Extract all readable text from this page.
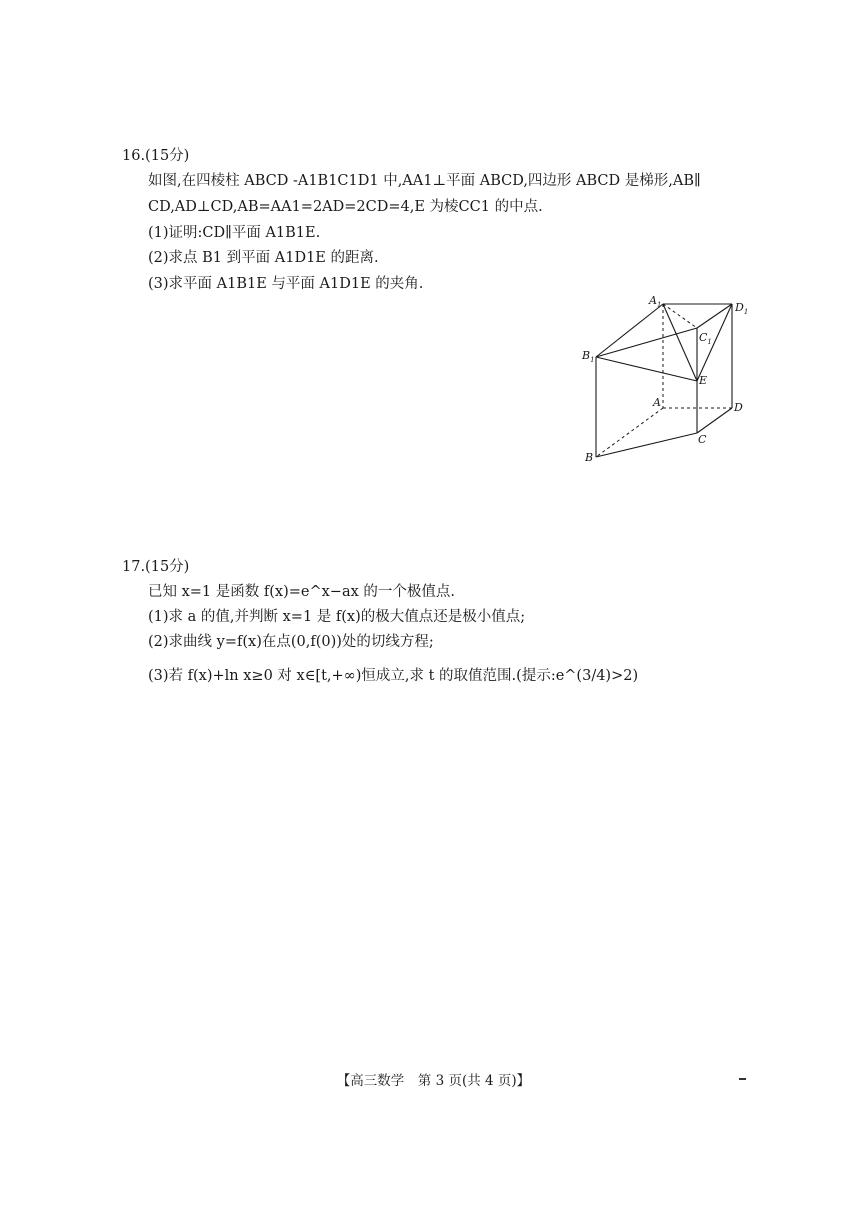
16.(15分)
如图,在四棱柱 ABCD -A1B1C1D1 中,AA1⊥平面 ABCD,四边形 ABCD 是梯形,AB∥
CD,AD⊥CD,AB=AA1=2AD=2CD=4,E 为棱CC1 的中点.
(1)证明:CD∥平面 A1B1E.
(2)求点 B1 到平面 A1D1E 的距离.
(3)求平面 A1B1E 与平面 A1D1E 的夹角.
$A_1$	$D_1$
$C_1$
$B_1$
E
A	D
C
B
17.(15分)
已知 x=1 是函数 f(x)=e^x−ax 的一个极值点.
(1)求 a 的值,并判断 x=1 是 f(x)的极大值点还是极小值点;
(2)求曲线 y=f(x)在点(0,f(0))处的切线方程;
(3)若 f(x)+ln x≥0 对 x∈[t,+∞)恒成立,求 t 的取值范围.(提示:e^(3/4)>2)
【高三数学　第 3 页(共 4 页)】
